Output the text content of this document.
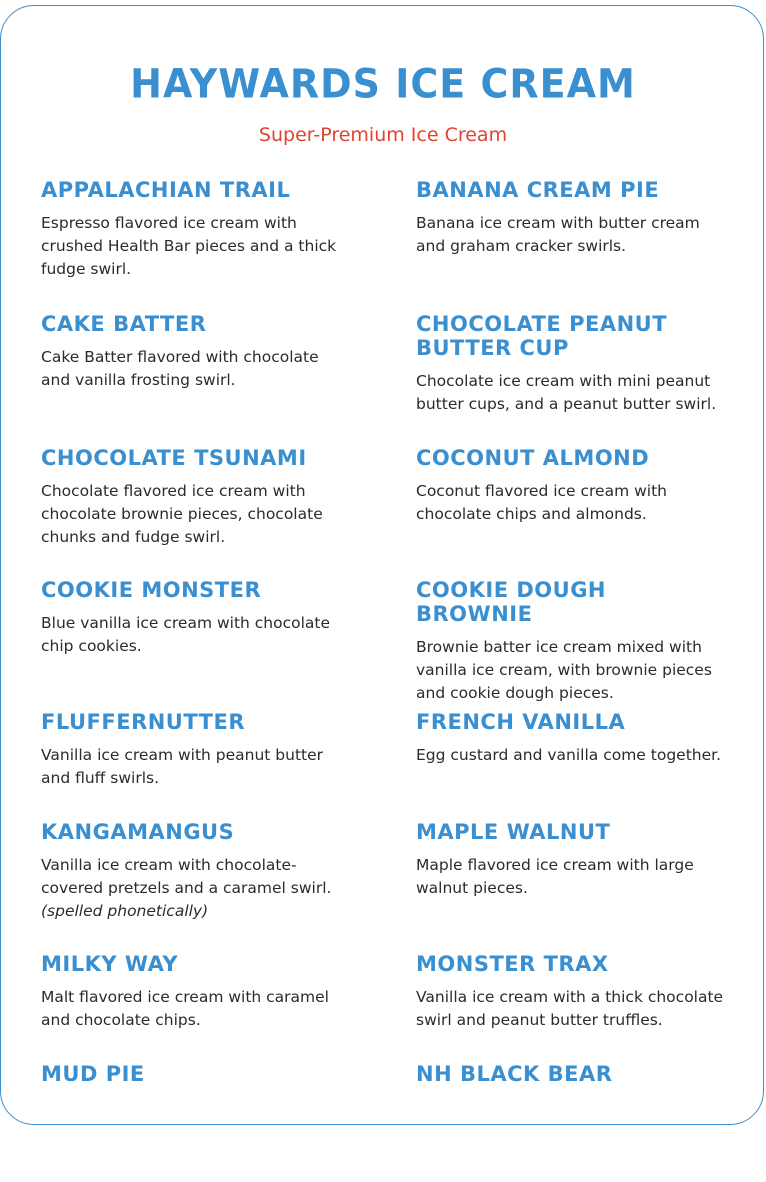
HAYWARDS ICE CREAM
Super-Premium Ice Cream
APPALACHIAN TRAIL
Espresso flavored ice cream with crushed Health Bar pieces and a thick fudge swirl.
BANANA CREAM PIE
Banana ice cream with butter cream and graham cracker swirls.
CAKE BATTER
Cake Batter flavored with chocolate and vanilla frosting swirl.
CHOCOLATE PEANUT BUTTER CUP
Chocolate ice cream with mini peanut butter cups, and a peanut butter swirl.
CHOCOLATE TSUNAMI
Chocolate flavored ice cream with chocolate brownie pieces, chocolate chunks and fudge swirl.
COCONUT ALMOND
Coconut flavored ice cream with chocolate chips and almonds.
COOKIE MONSTER
Blue vanilla ice cream with chocolate chip cookies.
COOKIE DOUGH BROWNIE
Brownie batter ice cream mixed with vanilla ice cream, with brownie pieces and cookie dough pieces.
FLUFFERNUTTER
Vanilla ice cream with peanut butter and fluff swirls.
FRENCH VANILLA
Egg custard and vanilla come together.
KANGAMANGUS
Vanilla ice cream with chocolate-covered pretzels and a caramel swirl.
(spelled phonetically)
MAPLE WALNUT
Maple flavored ice cream with large walnut pieces.
MILKY WAY
Malt flavored ice cream with caramel and chocolate chips.
MONSTER TRAX
Vanilla ice cream with a thick chocolate swirl and peanut butter truffles.
MUD PIE	NH BLACK BEAR
